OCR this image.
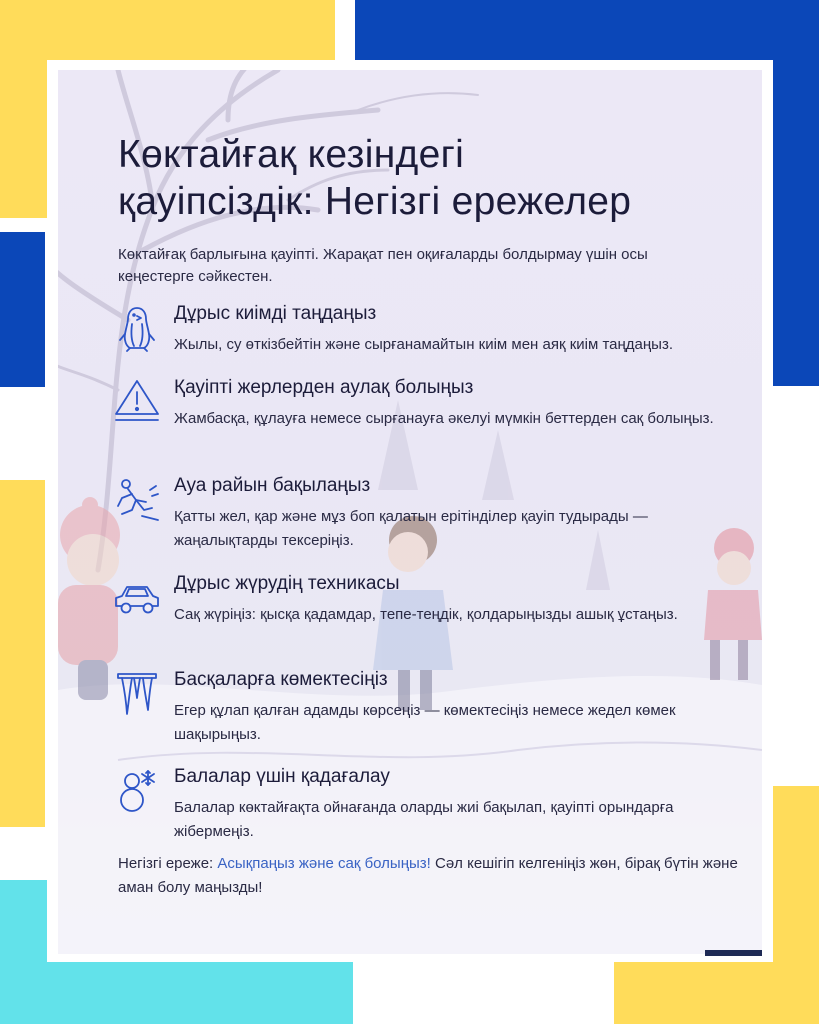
Көктайғақ кезіндегі
қауіпсіздік: Негізгі ережелер

Көктайғақ барлығына қауіпті. Жарақат пен оқиғаларды болдырмау үшін осы кеңестерге сәйкестен.

Дұрыс киімді таңдаңыз

Жылы, су өткізбейтін және сырғанамайтын киім мен аяқ киім таңдаңыз.

Қауіпті жерлерден аулақ болыңыз

Жамбасқа, құлауға немесе сырғанауға әкелуі мүмкін беттерден сақ болыңыз.

Ауа райын бақылаңыз

Қатты жел, қар және мұз боп қалатын ерітінділер қауіп тудырады — жаңалықтарды тексеріңіз.

Дұрыс жүрудің техникасы

Сақ жүріңіз: қысқа қадамдар, тепе-теңдік, қолдарыңызды ашық ұстаңыз.

Басқаларға көмектесіңіз

Егер құлап қалған адамды көрсеңіз — көмектесіңіз немесе жедел көмек шақырыңыз.

Балалар үшін қадағалау

Балалар көктайғақта ойнағанда оларды жиі бақылап, қауіпті орындарға жібермеңіз.

Негізгі ереже: Асықпаңыз және сақ болыңыз! Сәл кешігіп келгеніңіз жөн, бірақ бүтін және аман болу маңызды!
